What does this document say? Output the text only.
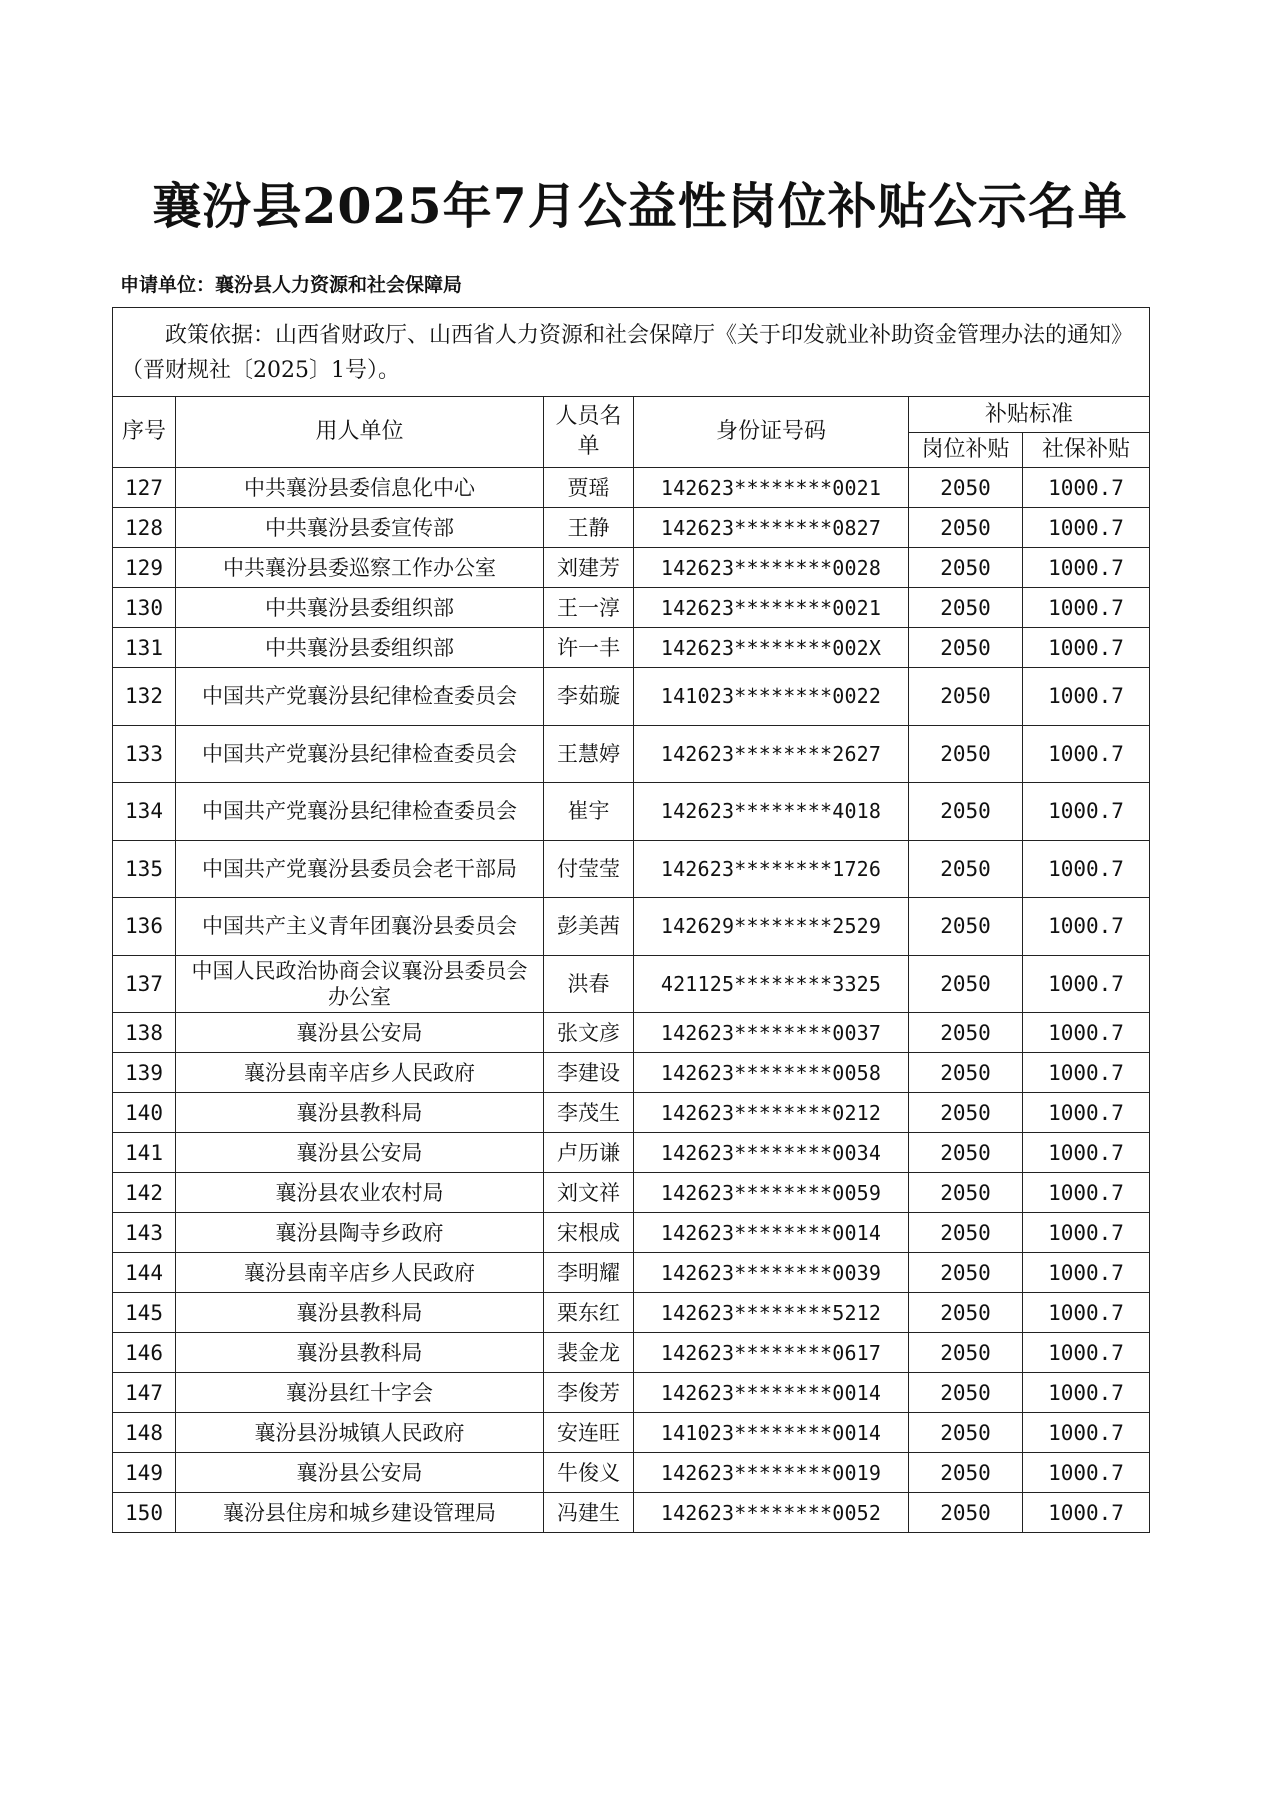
襄汾县2025年7月公益性岗位补贴公示名单
申请单位：襄汾县人力资源和社会保障局
政策依据：山西省财政厅、山西省人力资源和社会保障厅《关于印发就业补助资金管理办法的通知》（晋财规社〔2025〕1号）。					
序号	用人单位	人员名单	身份证号码	补贴标准	
				岗位补贴	社保补贴
127	中共襄汾县委信息化中心	贾瑶	142623********0021	2050	1000.7
128	中共襄汾县委宣传部	王静	142623********0827	2050	1000.7
129	中共襄汾县委巡察工作办公室	刘建芳	142623********0028	2050	1000.7
130	中共襄汾县委组织部	王一淳	142623********0021	2050	1000.7
131	中共襄汾县委组织部	许一丰	142623********002X	2050	1000.7
132	中国共产党襄汾县纪律检查委员会	李茹璇	141023********0022	2050	1000.7
133	中国共产党襄汾县纪律检查委员会	王慧婷	142623********2627	2050	1000.7
134	中国共产党襄汾县纪律检查委员会	崔宇	142623********4018	2050	1000.7
135	中国共产党襄汾县委员会老干部局	付莹莹	142623********1726	2050	1000.7
136	中国共产主义青年团襄汾县委员会	彭美茜	142629********2529	2050	1000.7
137	中国人民政治协商会议襄汾县委员会办公室	洪春	421125********3325	2050	1000.7
138	襄汾县公安局	张文彦	142623********0037	2050	1000.7
139	襄汾县南辛店乡人民政府	李建设	142623********0058	2050	1000.7
140	襄汾县教科局	李茂生	142623********0212	2050	1000.7
141	襄汾县公安局	卢历谦	142623********0034	2050	1000.7
142	襄汾县农业农村局	刘文祥	142623********0059	2050	1000.7
143	襄汾县陶寺乡政府	宋根成	142623********0014	2050	1000.7
144	襄汾县南辛店乡人民政府	李明耀	142623********0039	2050	1000.7
145	襄汾县教科局	栗东红	142623********5212	2050	1000.7
146	襄汾县教科局	裴金龙	142623********0617	2050	1000.7
147	襄汾县红十字会	李俊芳	142623********0014	2050	1000.7
148	襄汾县汾城镇人民政府	安连旺	141023********0014	2050	1000.7
149	襄汾县公安局	牛俊义	142623********0019	2050	1000.7
150	襄汾县住房和城乡建设管理局	冯建生	142623********0052	2050	1000.7
